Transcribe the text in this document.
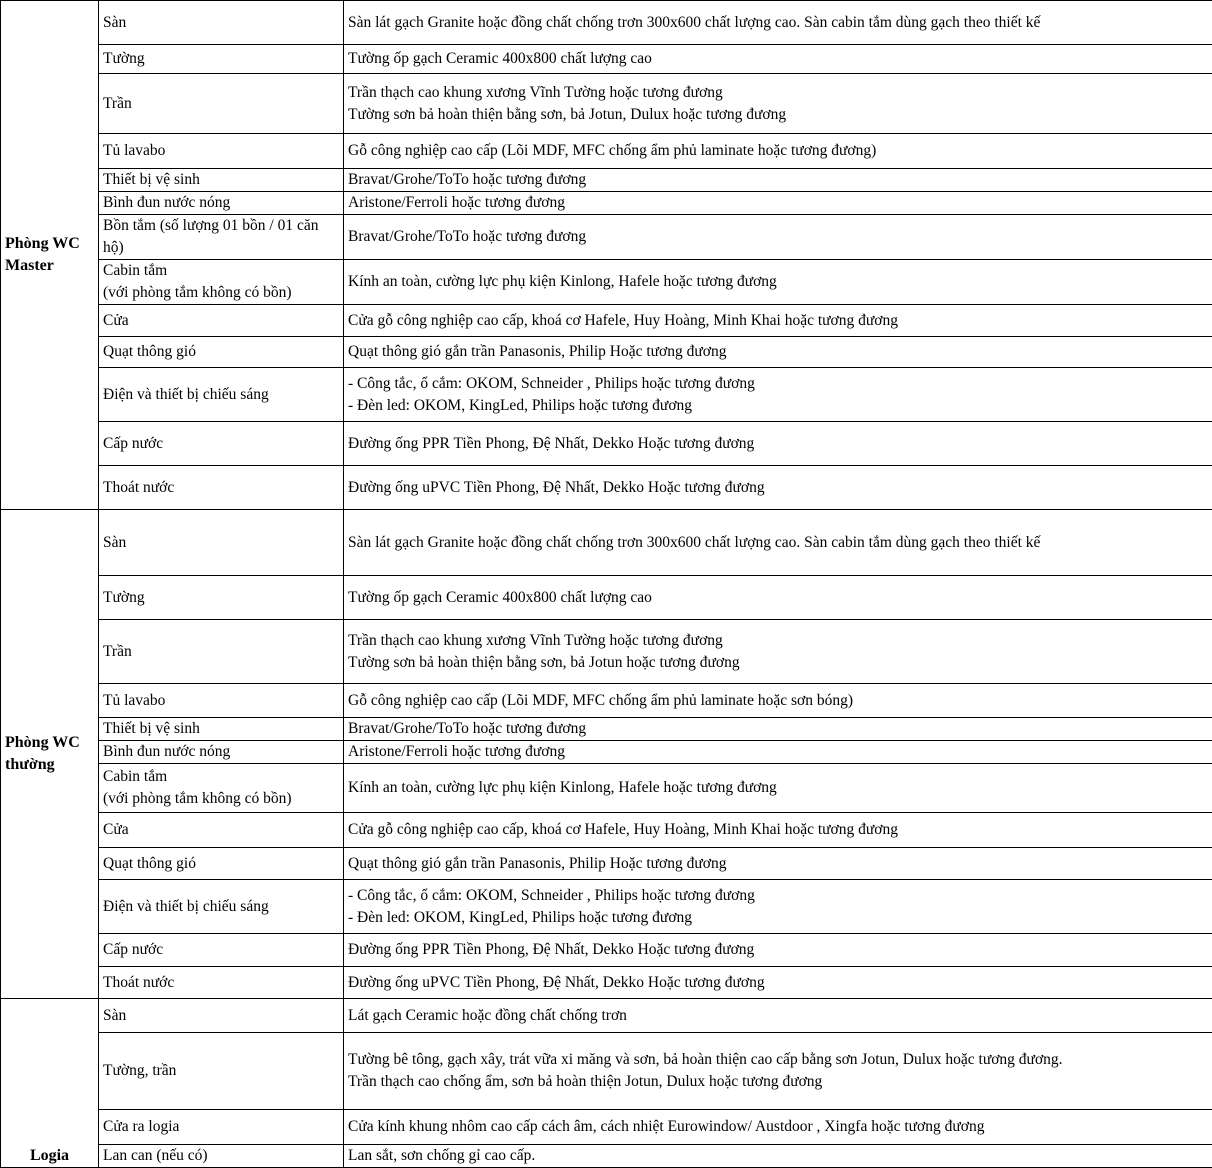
Phòng WC Master	Sàn	Sàn lát gạch Granite hoặc đồng chất chống trơn 300x600 chất lượng cao. Sàn cabin tắm dùng gạch theo thiết kế

	Tường	Tường ốp gạch Ceramic 400x800 chất lượng cao

	Trần	Trần thạch cao khung xương Vĩnh Tường hoặc tương đương
Tường sơn bả hoàn thiện bằng sơn, bả Jotun, Dulux hoặc tương đương

	Tủ lavabo	Gỗ công nghiệp cao cấp (Lõi MDF, MFC chống ẩm phủ laminate hoặc tương đương)

	Thiết bị vệ sinh	Bravat/Grohe/ToTo hoặc tương đương

	Bình đun nước nóng	Aristone/Ferroli hoặc tương đương

	Bồn tắm (số lượng 01 bồn / 01 căn hộ)	Bravat/Grohe/ToTo hoặc tương đương

	Cabin tắm
(với phòng tắm không có bồn)	Kính an toàn, cường lực phụ kiện Kinlong, Hafele hoặc tương đương

	Cửa	Cửa gỗ công nghiệp cao cấp, khoá cơ Hafele, Huy Hoàng, Minh Khai hoặc tương đương

	Quạt thông gió	Quạt thông gió gắn trần Panasonis, Philip Hoặc tương đương

	Điện và thiết bị chiếu sáng	- Công tắc, ổ cắm: OKOM, Schneider , Philips hoặc tương đương
- Đèn led: OKOM, KingLed, Philips hoặc tương đương

	Cấp nước	Đường ống PPR Tiền Phong, Đệ Nhất, Dekko Hoặc tương đương

	Thoát nước	Đường ống uPVC Tiền Phong, Đệ Nhất, Dekko Hoặc tương đương

Phòng WC thường	Sàn	Sàn lát gạch Granite hoặc đồng chất chống trơn 300x600 chất lượng cao. Sàn cabin tắm dùng gạch theo thiết kế

	Tường	Tường ốp gạch Ceramic 400x800 chất lượng cao

	Trần	Trần thạch cao khung xương Vĩnh Tường hoặc tương đương
Tường sơn bả hoàn thiện bằng sơn, bả Jotun hoặc tương đương

	Tủ lavabo	Gỗ công nghiệp cao cấp (Lõi MDF, MFC chống ẩm phủ laminate hoặc sơn bóng)

	Thiết bị vệ sinh	Bravat/Grohe/ToTo hoặc tương đương

	Bình đun nước nóng	Aristone/Ferroli hoặc tương đương

	Cabin tắm
(với phòng tắm không có bồn)	Kính an toàn, cường lực phụ kiện Kinlong, Hafele hoặc tương đương

	Cửa	Cửa gỗ công nghiệp cao cấp, khoá cơ Hafele, Huy Hoàng, Minh Khai hoặc tương đương

	Quạt thông gió	Quạt thông gió gắn trần Panasonis, Philip Hoặc tương đương

	Điện và thiết bị chiếu sáng	- Công tắc, ổ cắm: OKOM, Schneider , Philips hoặc tương đương
- Đèn led: OKOM, KingLed, Philips hoặc tương đương

	Cấp nước	Đường ống PPR Tiền Phong, Đệ Nhất, Dekko Hoặc tương đương

	Thoát nước	Đường ống uPVC Tiền Phong, Đệ Nhất, Dekko Hoặc tương đương

Logia	Sàn	Lát gạch Ceramic hoặc đồng chất chống trơn

	Tường, trần	Tường bê tông, gạch xây, trát vữa xi măng và sơn, bả hoàn thiện cao cấp bằng sơn Jotun, Dulux hoặc tương đương.
Trần thạch cao chống ẩm, sơn bả hoàn thiện Jotun, Dulux hoặc tương đương

	Cửa ra logia	Cửa kính khung nhôm cao cấp cách âm, cách nhiệt Eurowindow/ Austdoor , Xingfa hoặc tương đương

	Lan can (nếu có)	Lan sắt, sơn chống gỉ cao cấp.
